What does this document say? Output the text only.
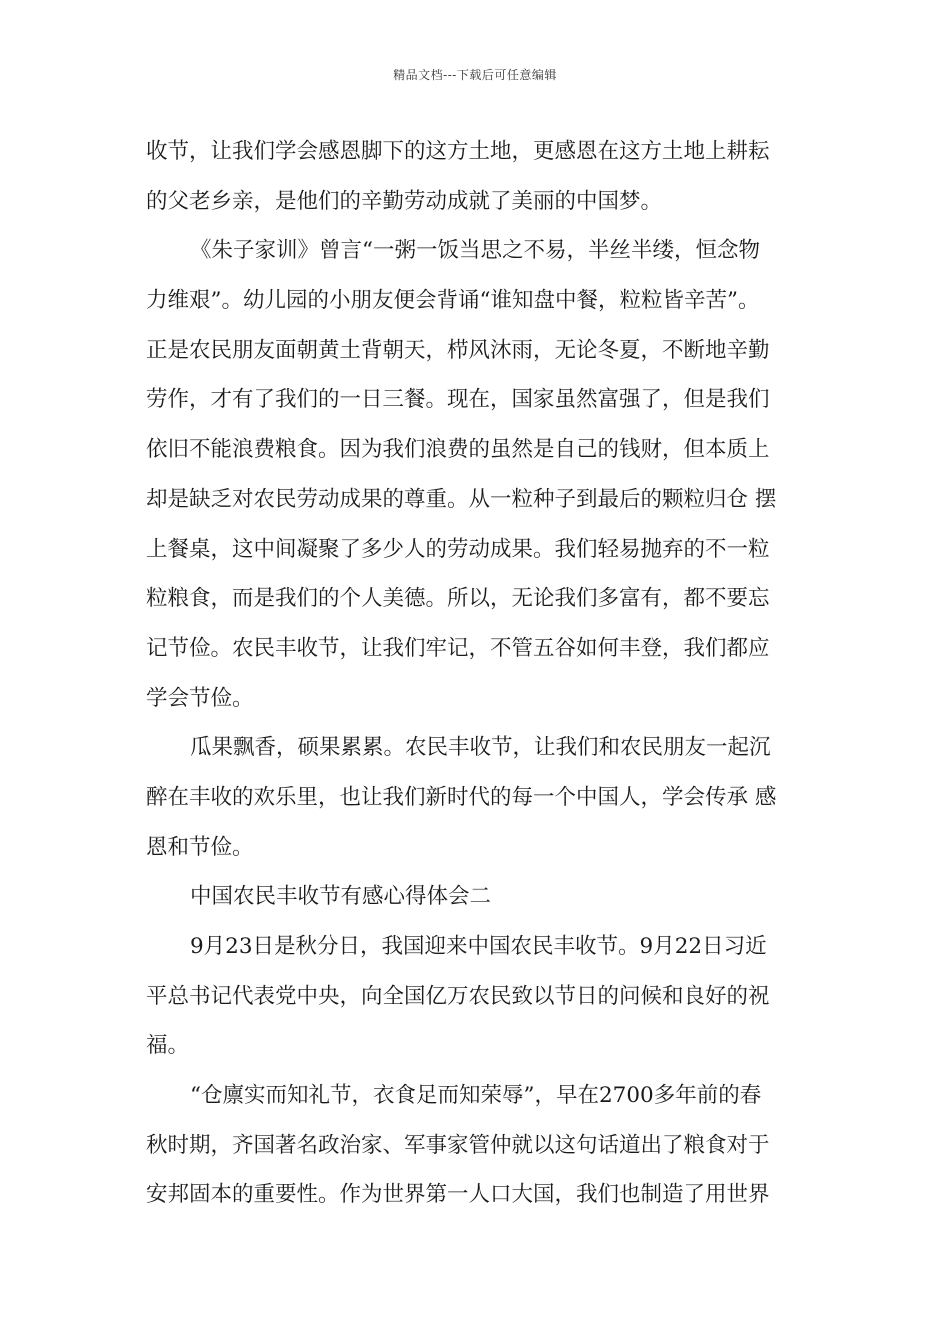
精品文档---下载后可任意编辑
收节，让我们学会感恩脚下的这方土地，更感恩在这方土地上耕耘
的父老乡亲，是他们的辛勤劳动成就了美丽的中国梦。
《朱子家训》曾言“一粥一饭当思之不易，半丝半缕，恒念物
力维艰”。幼儿园的小朋友便会背诵“谁知盘中餐，粒粒皆辛苦”。
正是农民朋友面朝黄土背朝天，栉风沐雨，无论冬夏，不断地辛勤
劳作，才有了我们的一日三餐。现在，国家虽然富强了，但是我们
依旧不能浪费粮食。因为我们浪费的虽然是自己的钱财，但本质上
却是缺乏对农民劳动成果的尊重。从一粒种子到最后的颗粒归仓 摆
上餐桌，这中间凝聚了多少人的劳动成果。我们轻易抛弃的不一粒
粒粮食，而是我们的个人美德。所以，无论我们多富有，都不要忘
记节俭。农民丰收节，让我们牢记，不管五谷如何丰登，我们都应
学会节俭。
瓜果飘香，硕果累累。农民丰收节，让我们和农民朋友一起沉
醉在丰收的欢乐里，也让我们新时代的每一个中国人，学会传承 感
恩和节俭。
中国农民丰收节有感心得体会二
9月23日是秋分日，我国迎来中国农民丰收节。9月22日习近
平总书记代表党中央，向全国亿万农民致以节日的问候和良好的祝
福。
“仓廪实而知礼节，衣食足而知荣辱”，早在2700多年前的春
秋时期，齐国著名政治家、军事家管仲就以这句话道出了粮食对于
安邦固本的重要性。作为世界第一人口大国，我们也制造了用世界
